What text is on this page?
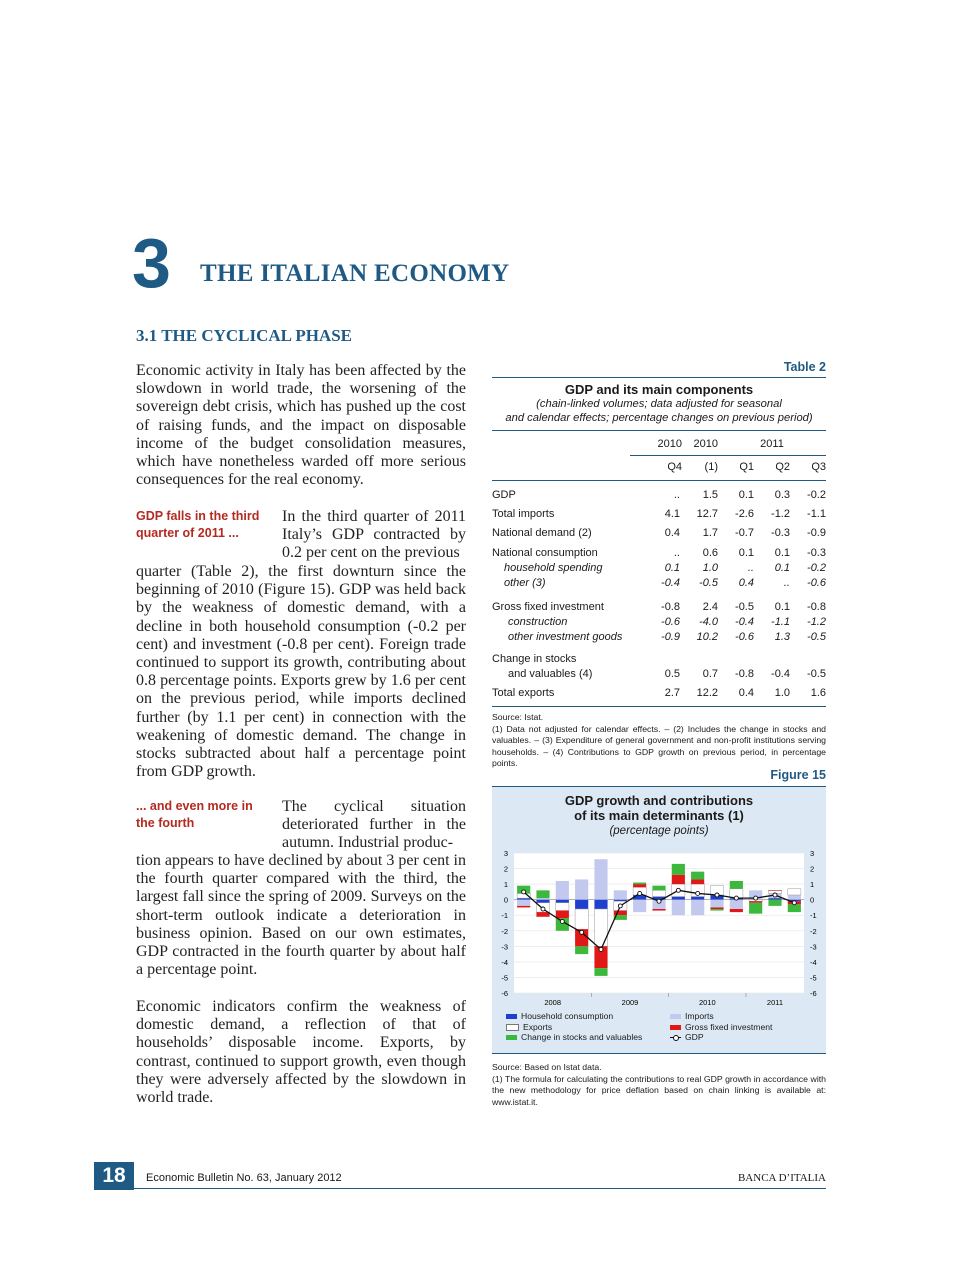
3 THE ITALIAN ECONOMY
3.1 THE CYCLICAL PHASE
Economic activity in Italy has been affected by the slowdown in world trade, the worsening of the sovereign debt crisis, which has pushed up the cost of raising funds, and the impact on disposable income of the budget consolidation measures, which have nonetheless warded off more serious consequences for the real economy.
GDP falls in the third quarter of 2011 ...
In the third quarter of 2011 Italy’s GDP contracted by 0.2 per cent on the previous
quarter (Table 2), the first downturn since the beginning of 2010 (Figure 15). GDP was held back by the weakness of domestic demand, with a decline in both household consumption (-0.2 per cent) and investment (-0.8 per cent). Foreign trade continued to support its growth, contributing about 0.8 percentage points. Exports grew by 1.6 per cent on the previous period, while imports declined further (by 1.1 per cent) in connection with the weakening of domestic demand. The change in stocks subtracted about half a percentage point from GDP growth.
... and even more in the fourth
The cyclical situation deteriorated further in the autumn. Industrial produc-
tion appears to have declined by about 3 per cent in the fourth quarter compared with the third, the largest fall since the spring of 2009. Surveys on the short-term outlook indicate a deterioration in business opinion. Based on our own estimates, GDP contracted in the fourth quarter by about half a percentage point.
Economic indicators confirm the weakness of domestic demand, a reflection of that of households’ disposable income. Exports, by contrast, continued to support growth, even though they were adversely affected by the slowdown in world trade.
Table 2
GDP and its main components
(chain-linked volumes; data adjusted for seasonal
and calendar effects; percentage changes on previous period)
	2010	2010	2011		

	Q4	(1)	Q1	Q2	Q3
GDP	..	1.5	0.1	0.3	-0.2

Total imports	4.1	12.7	-2.6	-1.2	-1.1

National demand (2)	0.4	1.7	-0.7	-0.3	-0.9

National consumption	..	0.6	0.1	0.1	-0.3
household spending	0.1	1.0	..	0.1	-0.2
other (3)	-0.4	-0.5	0.4	..	-0.6

Gross fixed investment	-0.8	2.4	-0.5	0.1	-0.8
construction	-0.6	-4.0	-0.4	-1.1	-1.2
other investment goods	-0.9	10.2	-0.6	1.3	-0.5

Change in stocks					
and valuables (4)	0.5	0.7	-0.8	-0.4	-0.5

Total exports	2.7	12.2	0.4	1.0	1.6
Source: Istat.
(1) Data not adjusted for calendar effects. – (2) Includes the change in stocks and valuables. – (3) Expenditure of general government and non-profit institutions serving households. – (4) Contributions to GDP growth on previous period, in percentage points.
Figure 15
GDP growth and contributions
of its main determinants (1)
(percentage points)
3	3
2	2
1	1
0	0
-1	-1
-2	-2
-3	-3
-4	-4
-5	-5
-6	-6
2008	2009	2010	2011
Household consumption
Exports
Change in stocks and valuables
Imports
Gross fixed investment
GDP
Source: Based on Istat data.
(1) The formula for calculating the contributions to real GDP growth in accordance with the new methodology for price deflation based on chain linking is available at: www.istat.it.
18	Economic Bulletin No. 63, January 2012	BANCA D’ITALIA
